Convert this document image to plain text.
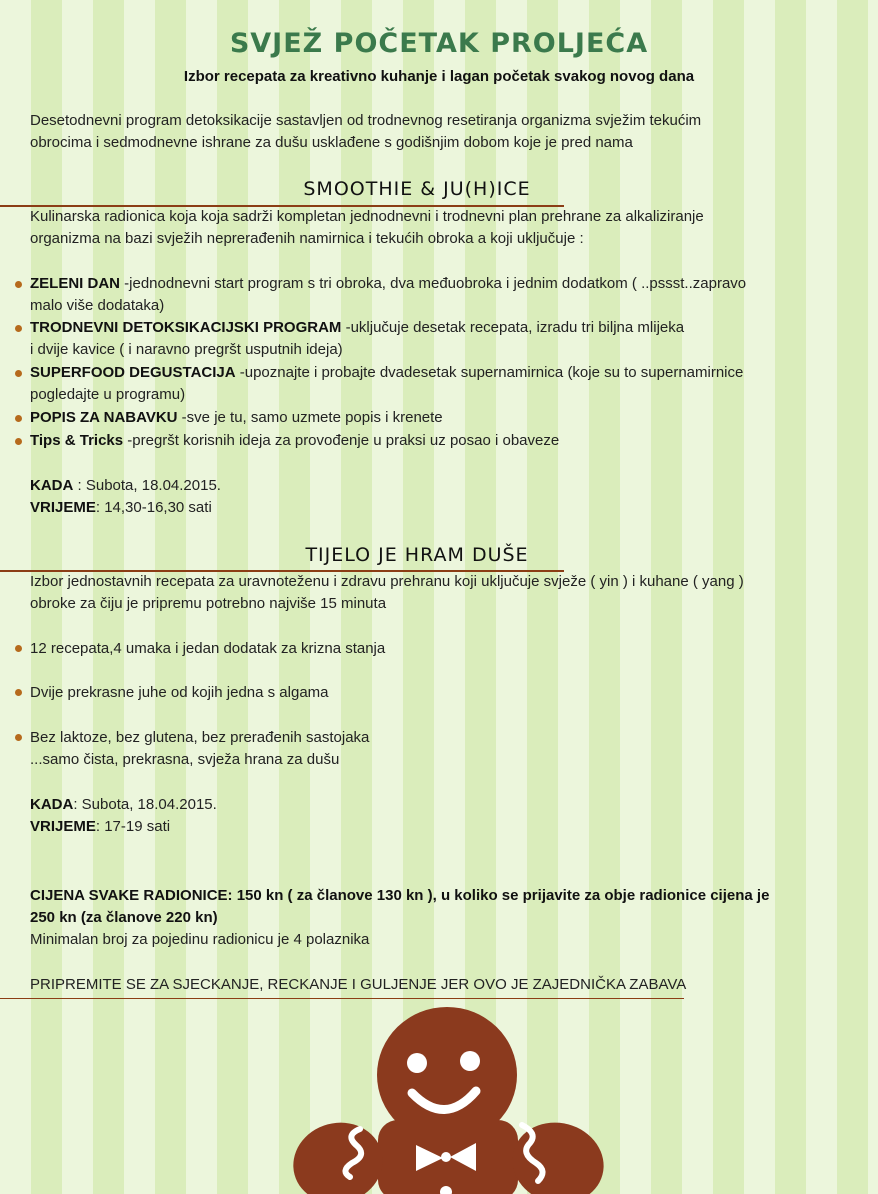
SVJEŽ POČETAK PROLJEĆA
Izbor recepata za kreativno kuhanje i lagan početak svakog novog dana
Desetodnevni program detoksikacije sastavljen od trodnevnog resetiranja organizma svježim tekućim
obrocima i sedmodnevne ishrane za dušu usklađene s godišnjim dobom koje je pred nama
SMOOTHIE & JU(H)ICE
Kulinarska radionica koja koja sadrži kompletan jednodnevni i trodnevni plan prehrane za alkaliziranje
organizma na bazi svježih neprerađenih namirnica i tekućih obroka a koji uključuje :
ZELENI DAN -jednodnevni start program s tri obroka, dva međuobroka i jednim dodatkom ( ..pssst..zapravo
malo više dodataka)
TRODNEVNI DETOKSIKACIJSKI PROGRAM -uključuje desetak recepata, izradu tri biljna mlijeka
i dvije kavice ( i naravno pregršt usputnih ideja)
SUPERFOOD DEGUSTACIJA -upoznajte i probajte dvadesetak supernamirnica (koje su to supernamirnice
pogledajte u programu)
POPIS ZA NABAVKU -sve je tu, samo uzmete popis i krenete
Tips & Tricks -pregršt korisnih ideja za provođenje u praksi uz posao i obaveze
KADA : Subota, 18.04.2015.
VRIJEME: 14,30-16,30 sati
TIJELO JE HRAM DUŠE
Izbor jednostavnih recepata za uravnoteženu i zdravu prehranu koji uključuje svježe ( yin ) i kuhane ( yang )
obroke za čiju je pripremu potrebno najviše 15 minuta
12 recepata,4 umaka i jedan dodatak za krizna stanja
Dvije prekrasne juhe od kojih jedna s algama
Bez laktoze, bez glutena, bez prerađenih sastojaka
...samo čista, prekrasna, svježa hrana za dušu
KADA: Subota, 18.04.2015.
VRIJEME: 17-19 sati
CIJENA SVAKE RADIONICE: 150 kn ( za članove 130 kn ), u koliko se prijavite za obje radionice cijena je
250 kn (za članove 220 kn)
Minimalan broj za pojedinu radionicu je 4 polaznika
PRIPREMITE SE ZA SJECKANJE, RECKANJE I GULJENJE JER OVO JE ZAJEDNIČKA ZABAVA
